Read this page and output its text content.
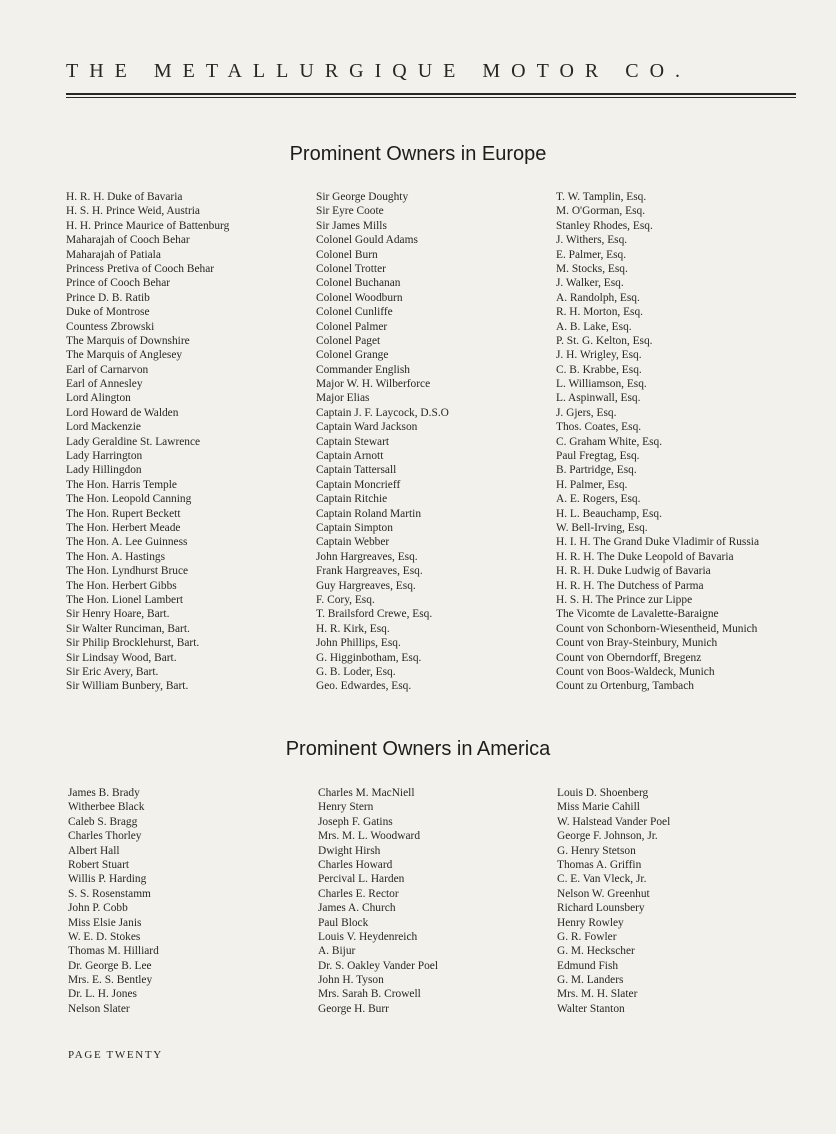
THE METALLURGIQUE MOTOR CO.
Prominent Owners in Europe
H. R. H. Duke of Bavaria
H. S. H. Prince Weid, Austria
H. H. Prince Maurice of Battenburg
Maharajah of Cooch Behar
Maharajah of Patiala
Princess Pretiva of Cooch Behar
Prince of Cooch Behar
Prince D. B. Ratib
Duke of Montrose
Countess Zbrowski
The Marquis of Downshire
The Marquis of Anglesey
Earl of Carnarvon
Earl of Annesley
Lord Alington
Lord Howard de Walden
Lord Mackenzie
Lady Geraldine St. Lawrence
Lady Harrington
Lady Hillingdon
The Hon. Harris Temple
The Hon. Leopold Canning
The Hon. Rupert Beckett
The Hon. Herbert Meade
The Hon. A. Lee Guinness
The Hon. A. Hastings
The Hon. Lyndhurst Bruce
The Hon. Herbert Gibbs
The Hon. Lionel Lambert
Sir Henry Hoare, Bart.
Sir Walter Runciman, Bart.
Sir Philip Brocklehurst, Bart.
Sir Lindsay Wood, Bart.
Sir Eric Avery, Bart.
Sir William Bunbery, Bart.
Sir George Doughty
Sir Eyre Coote
Sir James Mills
Colonel Gould Adams
Colonel Burn
Colonel Trotter
Colonel Buchanan
Colonel Woodburn
Colonel Cunliffe
Colonel Palmer
Colonel Paget
Colonel Grange
Commander English
Major W. H. Wilberforce
Major Elias
Captain J. F. Laycock, D.S.O
Captain Ward Jackson
Captain Stewart
Captain Arnott
Captain Tattersall
Captain Moncrieff
Captain Ritchie
Captain Roland Martin
Captain Simpton
Captain Webber
John Hargreaves, Esq.
Frank Hargreaves, Esq.
Guy Hargreaves, Esq.
F. Cory, Esq.
T. Brailsford Crewe, Esq.
H. R. Kirk, Esq.
John Phillips, Esq.
G. Higginbotham, Esq.
G. B. Loder, Esq.
Geo. Edwardes, Esq.
T. W. Tamplin, Esq.
M. O'Gorman, Esq.
Stanley Rhodes, Esq.
J. Withers, Esq.
E. Palmer, Esq.
M. Stocks, Esq.
J. Walker, Esq.
A. Randolph, Esq.
R. H. Morton, Esq.
A. B. Lake, Esq.
P. St. G. Kelton, Esq.
J. H. Wrigley, Esq.
C. B. Krabbe, Esq.
L. Williamson, Esq.
L. Aspinwall, Esq.
J. Gjers, Esq.
Thos. Coates, Esq.
C. Graham White, Esq.
Paul Fregtag, Esq.
B. Partridge, Esq.
H. Palmer, Esq.
A. E. Rogers, Esq.
H. L. Beauchamp, Esq.
W. Bell-Irving, Esq.
H. I. H. The Grand Duke Vladimir of Russia
H. R. H. The Duke Leopold of Bavaria
H. R. H. Duke Ludwig of Bavaria
H. R. H. The Dutchess of Parma
H. S. H. The Prince zur Lippe
The Vicomte de Lavalette-Baraigne
Count von Schonborn-Wiesentheid, Munich
Count von Bray-Steinbury, Munich
Count von Oberndorff, Bregenz
Count von Boos-Waldeck, Munich
Count zu Ortenburg, Tambach
Prominent Owners in America
James B. Brady
Witherbee Black
Caleb S. Bragg
Charles Thorley
Albert Hall
Robert Stuart
Willis P. Harding
S. S. Rosenstamm
John P. Cobb
Miss Elsie Janis
W. E. D. Stokes
Thomas M. Hilliard
Dr. George B. Lee
Mrs. E. S. Bentley
Dr. L. H. Jones
Nelson Slater
Charles M. MacNiell
Henry Stern
Joseph F. Gatins
Mrs. M. L. Woodward
Dwight Hirsh
Charles Howard
Percival L. Harden
Charles E. Rector
James A. Church
Paul Block
Louis V. Heydenreich
A. Bijur
Dr. S. Oakley Vander Poel
John H. Tyson
Mrs. Sarah B. Crowell
George H. Burr
Louis D. Shoenberg
Miss Marie Cahill
W. Halstead Vander Poel
George F. Johnson, Jr.
G. Henry Stetson
Thomas A. Griffin
C. E. Van Vleck, Jr.
Nelson W. Greenhut
Richard Lounsbery
Henry Rowley
G. R. Fowler
G. M. Heckscher
Edmund Fish
G. M. Landers
Mrs. M. H. Slater
Walter Stanton
PAGE TWENTY
